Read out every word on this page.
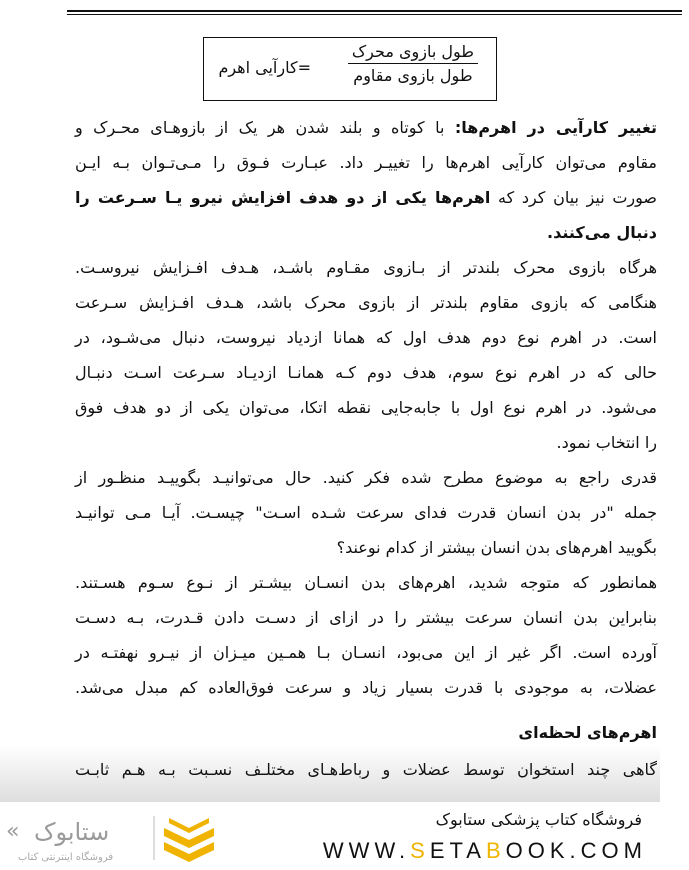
طول بازوی محرک
طول بازوی مقاوم
=کارآیی اهرم
تغییر کارآیی در اهرم‌ها: با کوتاه و بلند شدن هر یک از بازوهـای محـرک و
مقاوم می‌توان کارآیی اهرم‌ها را تغییـر داد. عبـارت فـوق را مـی‌تـوان بـه ایـن
صورت نیز بیان کرد که اهرم‌ها یکی از دو هدف افزایش نیرو یـا سـرعت را
دنبال می‌کنند.
هرگاه بازوی محرک بلندتر از بـازوی مقـاوم باشـد، هـدف افـزایش نیروسـت.
هنگامی که بازوی مقاوم بلندتر از بازوی محرک باشد، هـدف افـزایش سـرعت
است. در اهرم نوع دوم هدف اول که همانا ازدیاد نیروست، دنبال می‌شـود، در
حالی که در اهرم نوع سوم، هدف دوم کـه همانـا ازدیـاد سـرعت اسـت دنبـال
می‌شود. در اهرم نوع اول با جابه‌جایی نقطه اتکا، می‌توان یکی از دو هدف فوق
را انتخاب نمود.
قدری راجع به موضوع مطرح شده فکر کنید. حال می‌توانیـد بگوییـد منظـور از
جمله "در بدن انسان قدرت فدای سرعت شـده اسـت" چیسـت. آیـا مـی توانیـد
بگویید اهرم‌های بدن انسان بیشتر از کدام نوعند؟
همانطور که متوجه شدید، اهرم‌های بدن انسـان بیشـتر از نـوع سـوم هسـتند.
بنابراین بدن انسان سرعت بیشتر را در ازای از دسـت دادن قـدرت، بـه دسـت
آورده است. اگر غیر از این می‌بود، انسـان بـا همـین میـزان از نیـرو نهفتـه در
عضلات، به موجودی با قدرت بسیار زیاد و سرعت فوق‌العاده کم مبدل می‌شد.
اهرم‌های لحظه‌ای
گاهی چند استخوان توسط عضلات و رباط‌هـای مختلـف نسـبت بـه هـم ثابـت
« ستابوک
فروشگاه اینترنتی کتاب
فروشگاه کتاب پزشکی ستابوک
WWW.SETABOOK.COM
